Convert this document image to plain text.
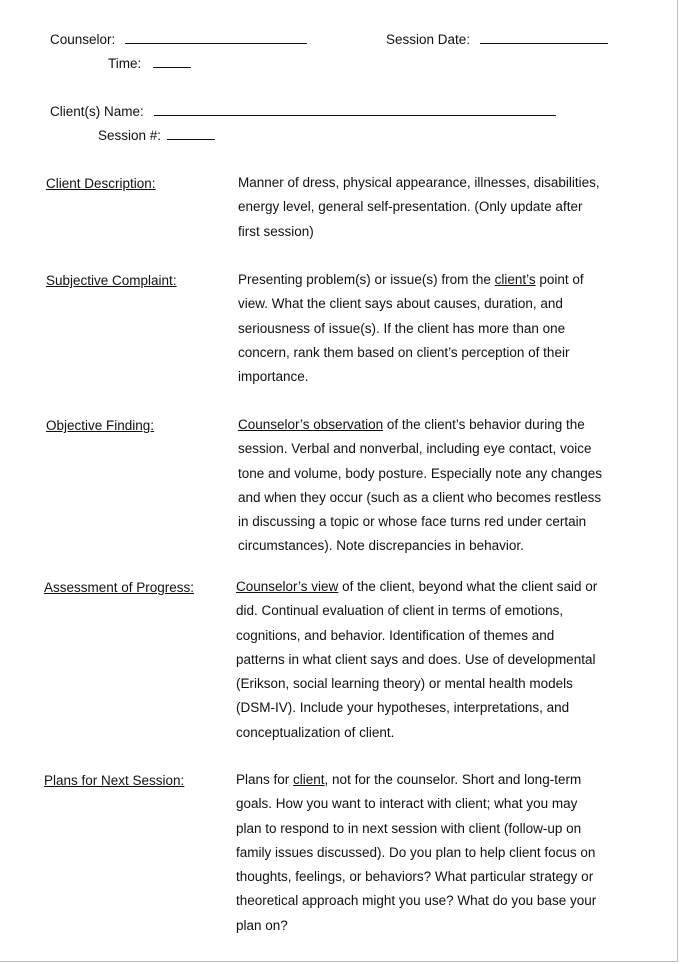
Counselor:	Session Date:
Time:
Client(s) Name:
Session #:
Client Description:	Manner of dress, physical appearance, illnesses, disabilities,
energy level, general self-presentation. (Only update after
first session)
Subjective Complaint:	Presenting problem(s) or issue(s) from the client’s point of
view. What the client says about causes, duration, and
seriousness of issue(s). If the client has more than one
concern, rank them based on client’s perception of their
importance.
Objective Finding:	Counselor’s observation of the client’s behavior during the
session. Verbal and nonverbal, including eye contact, voice
tone and volume, body posture. Especially note any changes
and when they occur (such as a client who becomes restless
in discussing a topic or whose face turns red under certain
circumstances). Note discrepancies in behavior.
Assessment of Progress:	Counselor’s view of the client, beyond what the client said or
did. Continual evaluation of client in terms of emotions,
cognitions, and behavior. Identification of themes and
patterns in what client says and does. Use of developmental
(Erikson, social learning theory) or mental health models
(DSM-IV). Include your hypotheses, interpretations, and
conceptualization of client.
Plans for Next Session:	Plans for client, not for the counselor. Short and long-term
goals. How you want to interact with client; what you may
plan to respond to in next session with client (follow-up on
family issues discussed). Do you plan to help client focus on
thoughts, feelings, or behaviors? What particular strategy or
theoretical approach might you use? What do you base your
plan on?
